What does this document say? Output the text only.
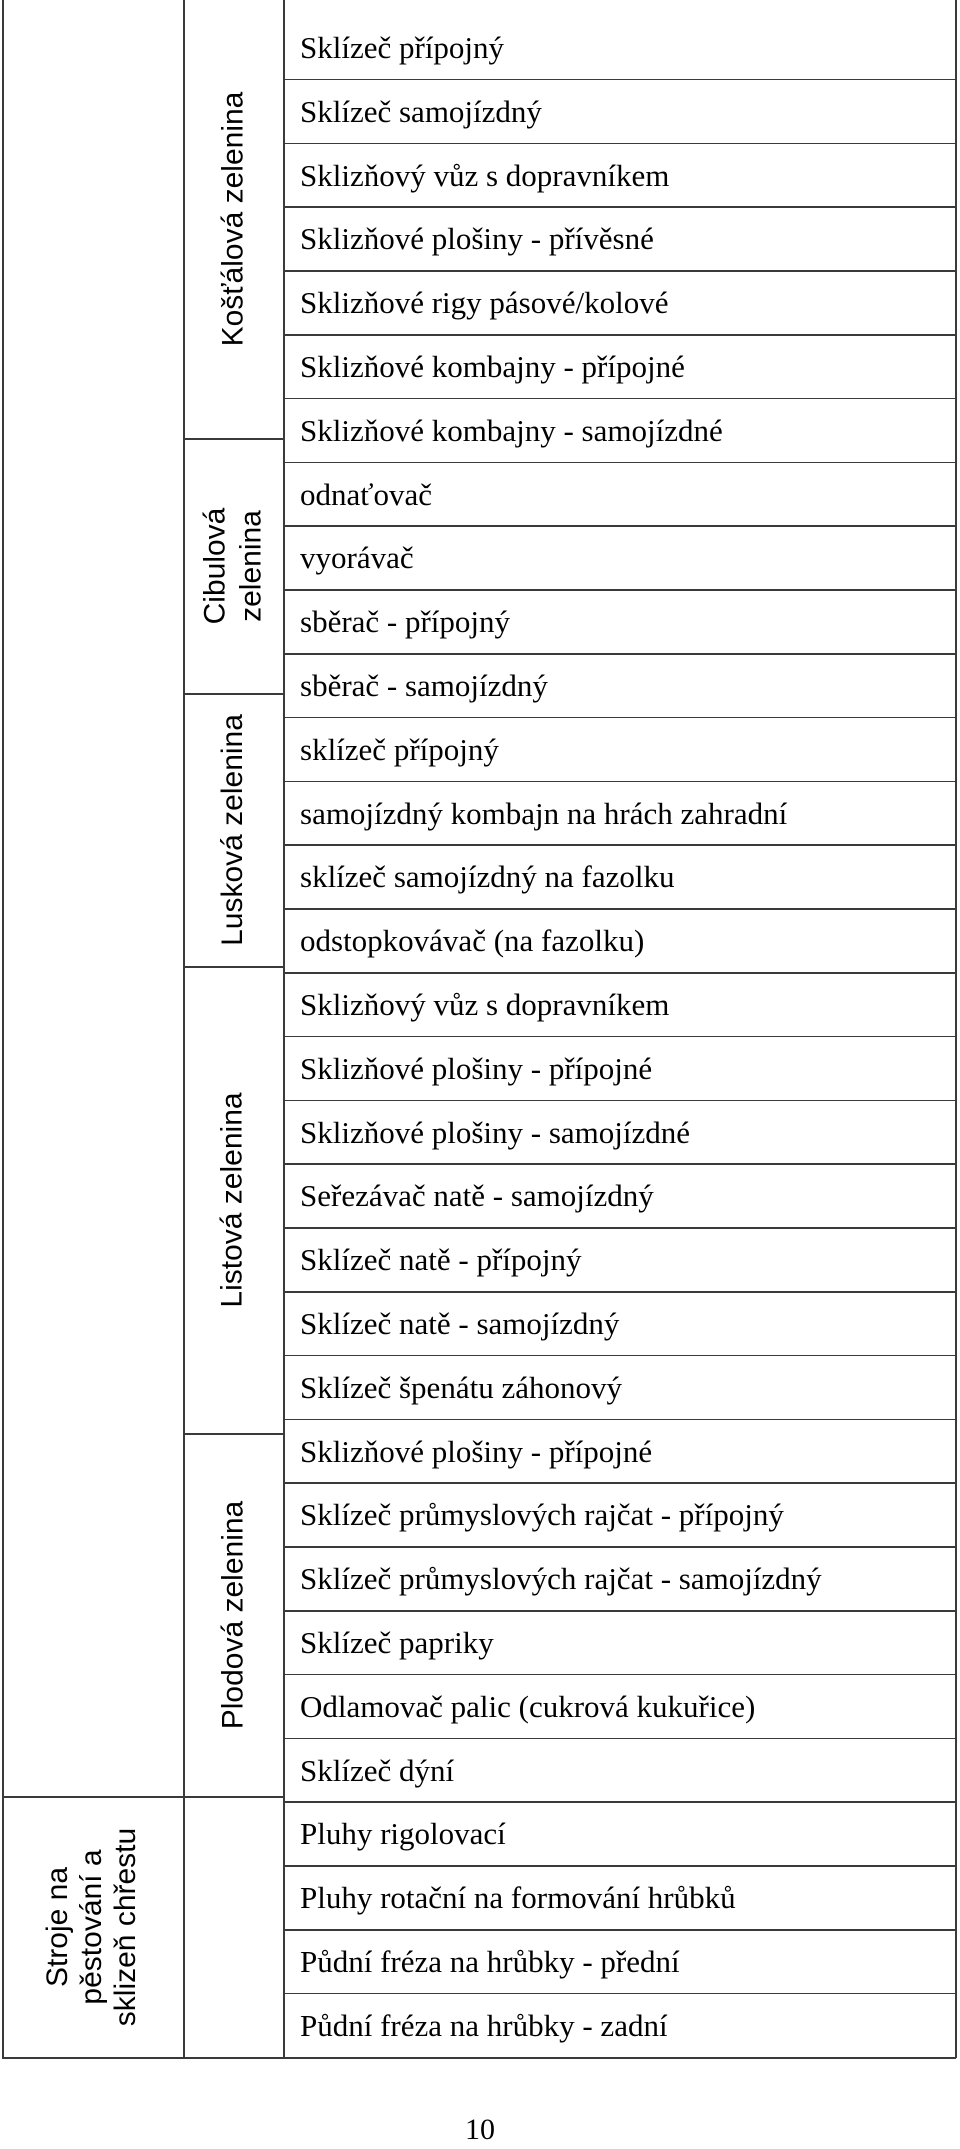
Košťálová zelenina
Cibulová zelenina
Lusková zelenina
Listová zelenina
Plodová zelenina
Stroje na pěstování a sklizeň chřestu
Sklízeč přípojný
Sklízeč samojízdný
Sklizňový vůz s dopravníkem
Sklizňové plošiny - přívěsné
Sklizňové rigy pásové/kolové
Sklizňové kombajny - přípojné
Sklizňové kombajny - samojízdné
odnaťovač
vyorávač
sběrač - přípojný
sběrač - samojízdný
sklízeč přípojný
samojízdný kombajn na hrách zahradní
sklízeč samojízdný na fazolku
odstopkovávač (na fazolku)
Sklizňový vůz s dopravníkem
Sklizňové plošiny - přípojné
Sklizňové plošiny - samojízdné
Seřezávač natě - samojízdný
Sklízeč natě - přípojný
Sklízeč natě - samojízdný
Sklízeč špenátu záhonový
Sklizňové plošiny - přípojné
Sklízeč průmyslových rajčat - přípojný
Sklízeč průmyslových rajčat - samojízdný
Sklízeč papriky
Odlamovač palic (cukrová kukuřice)
Sklízeč dýní
Pluhy rigolovací
Pluhy rotační na formování hrůbků
Půdní fréza na hrůbky - přední
Půdní fréza na hrůbky - zadní
10
